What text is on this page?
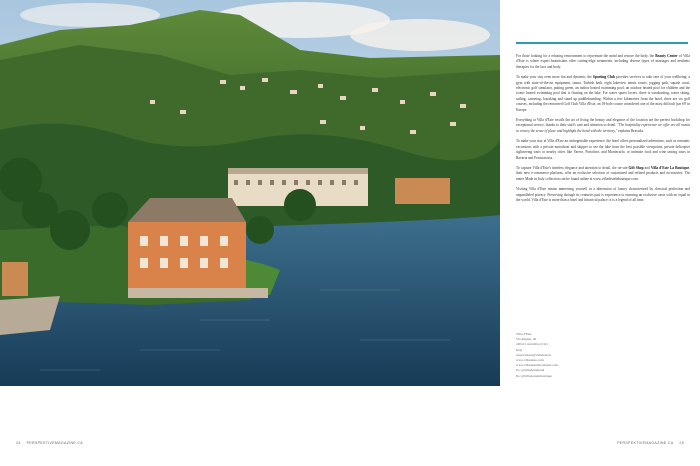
For those looking for a relaxing environment to rejuvenate the mind and restore the body, the Beauty Center of Villa d'Este is where expert beauticians offer cutting-edge treatments, including diverse types of massages and aesthetic therapies for the face and body.

To make your stay even more fun and dynamic, the Sporting Club provides services to take care of your wellbeing: a gym with state-of-the-art equipment, sauna, Turkish bath, eight lakeview tennis courts, jogging path, squash court, electronic golf simulator, putting green, an indoor heated swimming pool, an outdoor heated pool for children and the iconic heated swimming pool that is floating on the lake. For water sports lovers, there is windsurfing, water skiing, sailing, canoeing, kayaking and stand up paddleboarding. Within a few kilometres from the hotel, there are six golf courses, including the renowned Golf Club Villa d'Este, an 18-hole course considered one of the most difficult 'par 69' in Europe.

Everything at Villa d'Este recalls the art of living the beauty and elegance of the location are the perfect backdrop for exceptional service, thanks to their staff's care and attention to detail. "The hospitality experience we offer are all meant to convey the sense of place and highlight the bond with the territory," explains Brasiola.

To make your stay at Villa d'Este an unforgettable experience, the hotel offers personalized adventures, such as romantic excursions with a private motorboat and skipper to see the lake from the best possible viewpoints, private helicopter sightseeing tours to nearby cities like Varese, Portofino, and Montecarlo, or intimate food and wine tasting tours in Bavaria and Franciacorta.

To capture Villa d'Este's timeless elegance and attention to detail, the on-site Gift Shop and Villa d'Este La Boutique, their new e-commerce platform, offer an exclusive selection of customized and refined products and accessories. The entire Made in Italy collection can be found online at www.villadestelaboutique.com.

Visiting Villa d'Este means immersing yourself in a dimension of luxury characterized by classical perfection and unparalleled privacy. Preserving through its centuries past is experience to ensuring an exclusive oasis with no equal in the world. Villa d'Este is more than a hotel and historical palace; it is a legend of all time.

Villa d'Este
Via Regina, 40
22012 Cernobbio (CO)
Italy
reservations@villadeste.it
www.villadeste.com
www.villadestelaboutique.com
IG: @villadestehotel
IG: @villadestelaboutique
24 PERSPEKTIVEMAGAZINE.CA	PERSPEKTIVEMAGAZINE.CA 25
